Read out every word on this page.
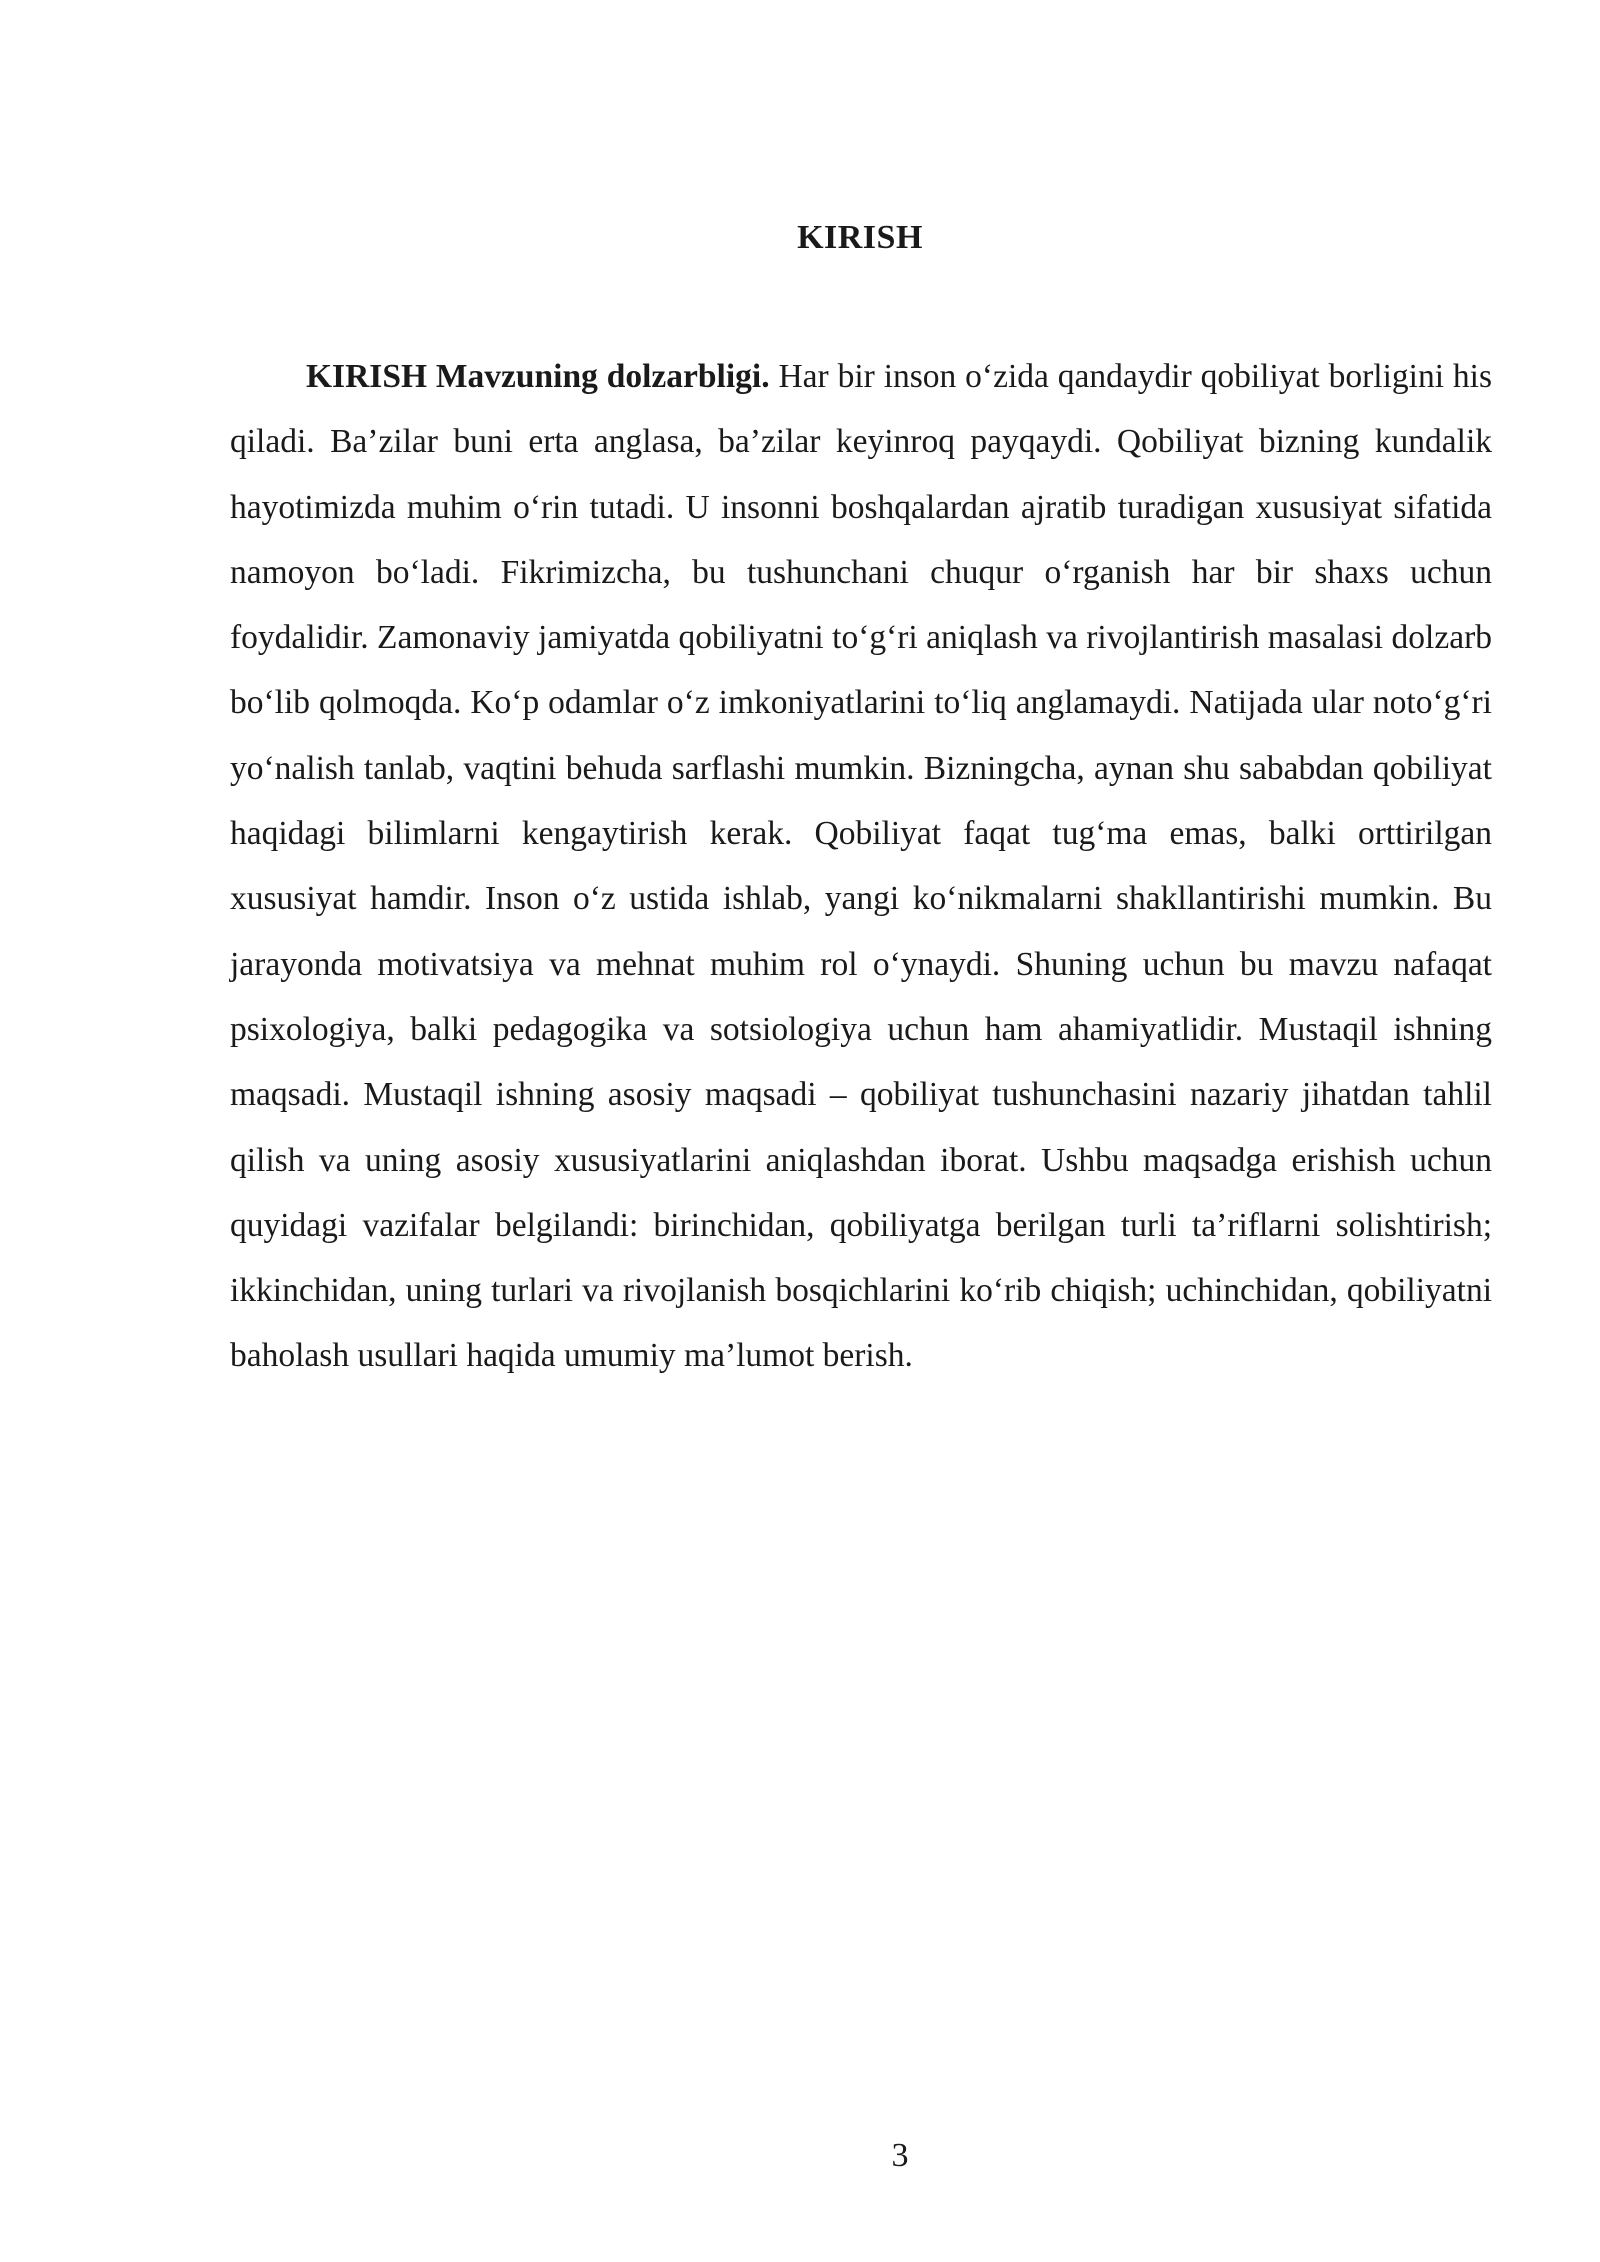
KIRISH

KIRISH Mavzuning dolzarbligi. Har bir inson o‘zida qandaydir qobiliyat borligini his qiladi. Ba’zilar buni erta anglasa, ba’zilar keyinroq payqaydi. Qobiliyat bizning kundalik hayotimizda muhim o‘rin tutadi. U insonni boshqalardan ajratib turadigan xususiyat sifatida namoyon bo‘ladi. Fikrimizcha, bu tushunchani chuqur o‘rganish har bir shaxs uchun foydalidir. Zamonaviy jamiyatda qobiliyatni to‘g‘ri aniqlash va rivojlantirish masalasi dolzarb bo‘lib qolmoqda. Ko‘p odamlar o‘z imkoniyatlarini to‘liq anglamaydi. Natijada ular noto‘g‘ri yo‘nalish tanlab, vaqtini behuda sarflashi mumkin. Bizningcha, aynan shu sababdan qobiliyat haqidagi bilimlarni kengaytirish kerak. Qobiliyat faqat tug‘ma emas, balki orttirilgan xususiyat hamdir. Inson o‘z ustida ishlab, yangi ko‘nikmalarni shakllantirishi mumkin. Bu jarayonda motivatsiya va mehnat muhim rol o‘ynaydi. Shuning uchun bu mavzu nafaqat psixologiya, balki pedagogika va sotsiologiya uchun ham ahamiyatlidir. Mustaqil ishning maqsadi. Mustaqil ishning asosiy maqsadi – qobiliyat tushunchasini nazariy jihatdan tahlil qilish va uning asosiy xususiyatlarini aniqlashdan iborat. Ushbu maqsadga erishish uchun quyidagi vazifalar belgilandi: birinchidan, qobiliyatga berilgan turli ta’riflarni solishtirish; ikkinchidan, uning turlari va rivojlanish bosqichlarini ko‘rib chiqish; uchinchidan, qobiliyatni baholash usullari haqida umumiy ma’lumot berish.

3
